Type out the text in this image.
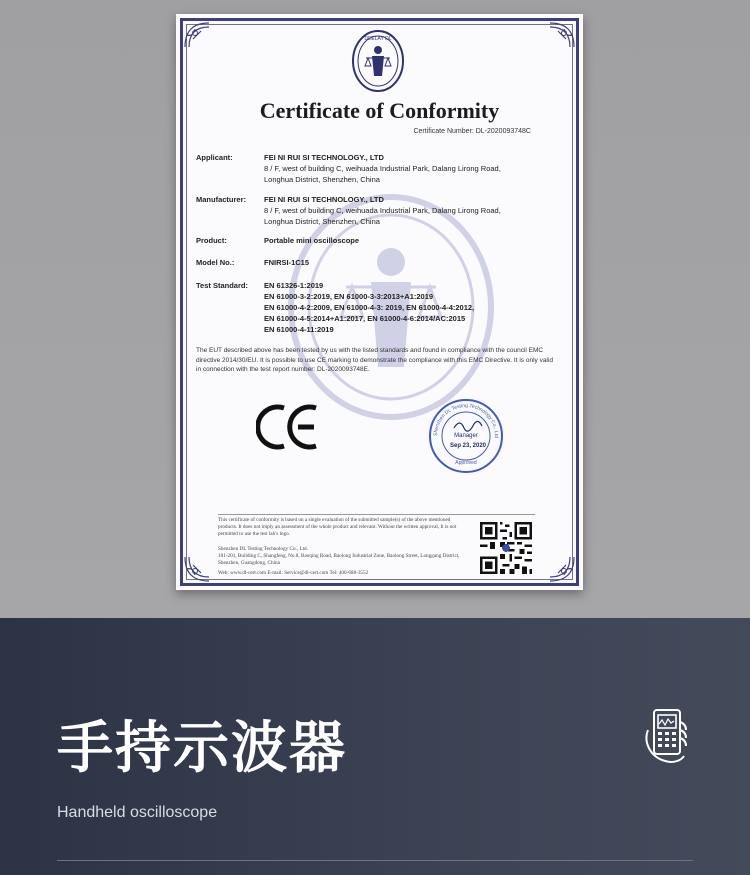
DEELAY DL
Certificate of Conformity
Certificate Number: DL-2020093748C
Applicant:	FEI NI RUI SI TECHNOLOGY., LTD
8 / F, west of building C, weihuada Industrial Park, Dalang Lirong Road,
Longhua District, Shenzhen, China
Manufacturer: FEI NI RUI SI TECHNOLOGY., LTD
8 / F, west of building C, weihuada Industrial Park, Dalang Lirong Road,
Longhua District, Shenzhen, China
Product:	Portable mini oscilloscope
Model No.:	FNIRSI-1C15
Test Standard: EN 61326-1:2019
EN 61000-3-2:2019, EN 61000-3-3:2013+A1:2019
EN 61000-4-2:2009, EN 61000-4-3: 2019, EN 61000-4-4:2012,
EN 61000-4-5:2014+A1:2017, EN 61000-4-6:2014/AC:2015
EN 61000-4-11:2019
The EUT described above has been tested by us with the listed standards and found in compliance with the council EMC directive 2014/30/EU. It is possible to use CE marking to demonstrate the compliance with this EMC Directive. It is only valid in connection with the test report number: DL-2020093748E.
CE
Shenzhen DL Testing Technology Co., Ltd
Manager
Sep 23, 2020
Approved
This certificate of conformity is based on a single evaluation of the submitted sample(s) of the above mentioned products. It does not imply an assessment of the whole product and relevant. Without the written approval, It is not permitted to use the test lab's logo.
Shenzhen DL Testing Technology Co., Ltd.
101-201, Building C, Shangfeng, No.8, Baoqing Road, Baolong Industrial Zone, Baolong Street, Longgang District, Shenzhen, Guangdong, China
Web: www.dl-cert.com E-mail: Service@dl-cert.com Tel: 400-688-3552
手持示波器
Handheld oscilloscope
